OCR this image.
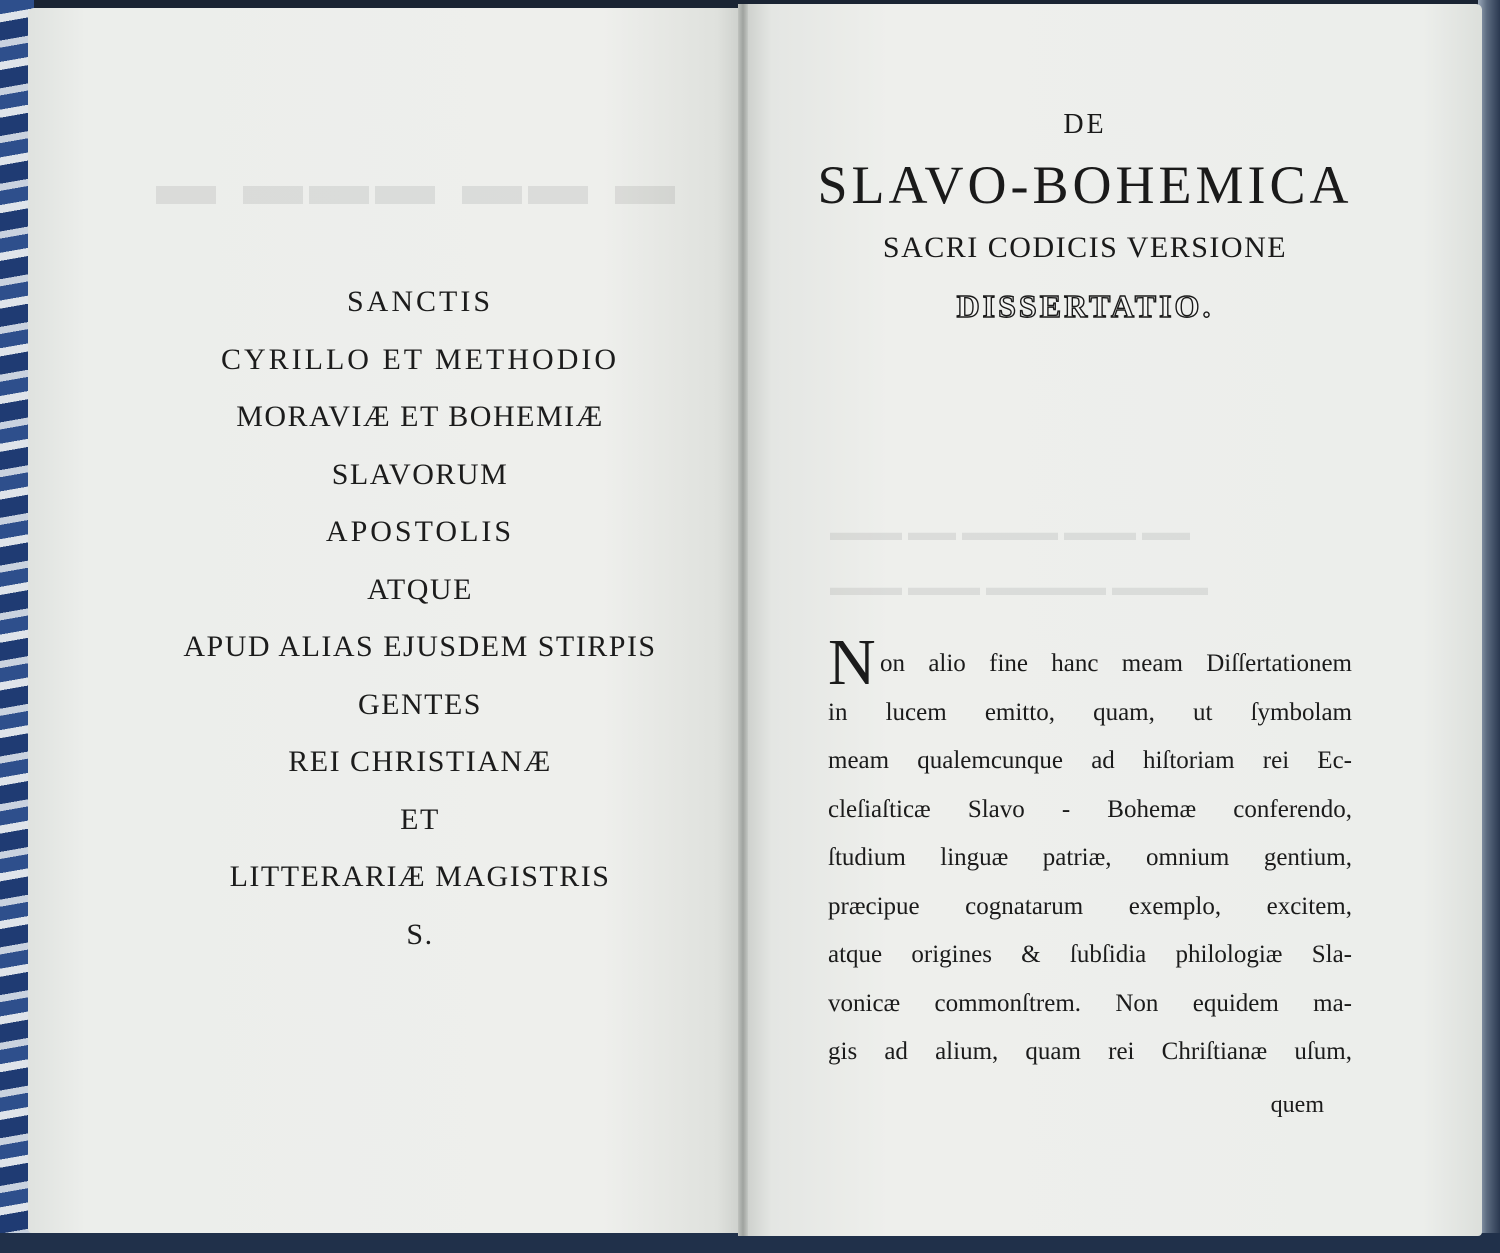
▬ ▬▬ ▬▬▬ ▬
▬▬ ▬▬▬ ▬▬▬▬ ▬▬ ▬▬▬
▬▬▬▬ ▬▬▬▬▬ ▬▬▬ ▬▬▬
SANCTIS
CYRILLO ET METHODIO
MORAVIÆ ET BOHEMIÆ
SLAVORUM
APOSTOLIS
ATQUE
APUD ALIAS EJUSDEM STIRPIS
GENTES
REI CHRISTIANÆ
ET
LITTERARIÆ MAGISTRIS
S.
DE
SLAVO-BOHEMICA
SACRI CODICIS VERSIONE
DISSERTATIO.
N on alio fine hanc meam Diſſertationem
in lucem emitto, quam, ut ſymbolam
meam qualemcunque ad hiſtoriam rei Ec-
cleſiaſticæ Slavo - Bohemæ conferendo,
ſtudium linguæ patriæ, omnium gentium,
præcipue cognatarum exemplo, excitem,
atque origines & ſubſidia philologiæ Sla-
vonicæ commonſtrem. Non equidem ma-
gis ad alium, quam rei Chriſtianæ uſum,
quem
